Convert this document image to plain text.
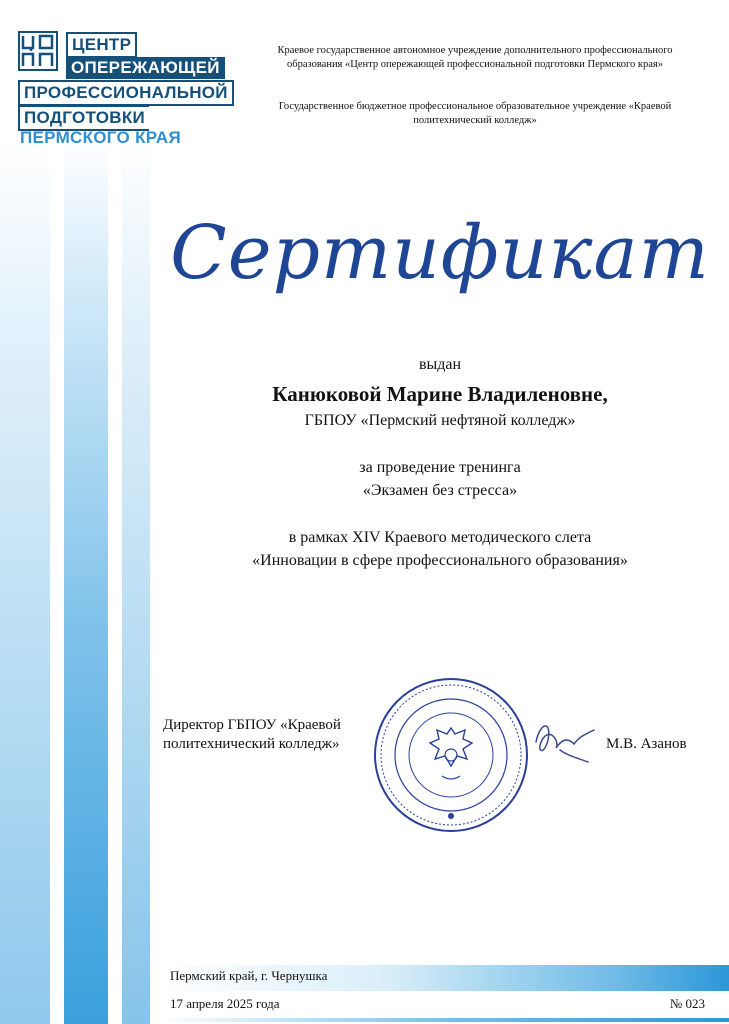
ЦЕНТР
ОПЕРЕЖАЮЩЕЙ
ПРОФЕССИОНАЛЬНОЙ
ПОДГОТОВКИ
ПЕРМСКОГО КРАЯ
Краевое государственное автономное учреждение дополнительного профессионального образования «Центр опережающей профессиональной подготовки Пермского края»
Государственное бюджетное профессиональное образовательное учреждение «Краевой политехнический колледж»
Сертификат
выдан
Канюковой Марине Владиленовне,
ГБПОУ «Пермский нефтяной колледж»
за проведение тренинга
«Экзамен без стресса»
в рамках XIV Краевого методического слета
«Инновации в сфере профессионального образования»
Директор ГБПОУ «Краевой
политехнический колледж»	М.В. Азанов
Пермский край, г. Чернушка
17 апреля 2025 года	№ 023
